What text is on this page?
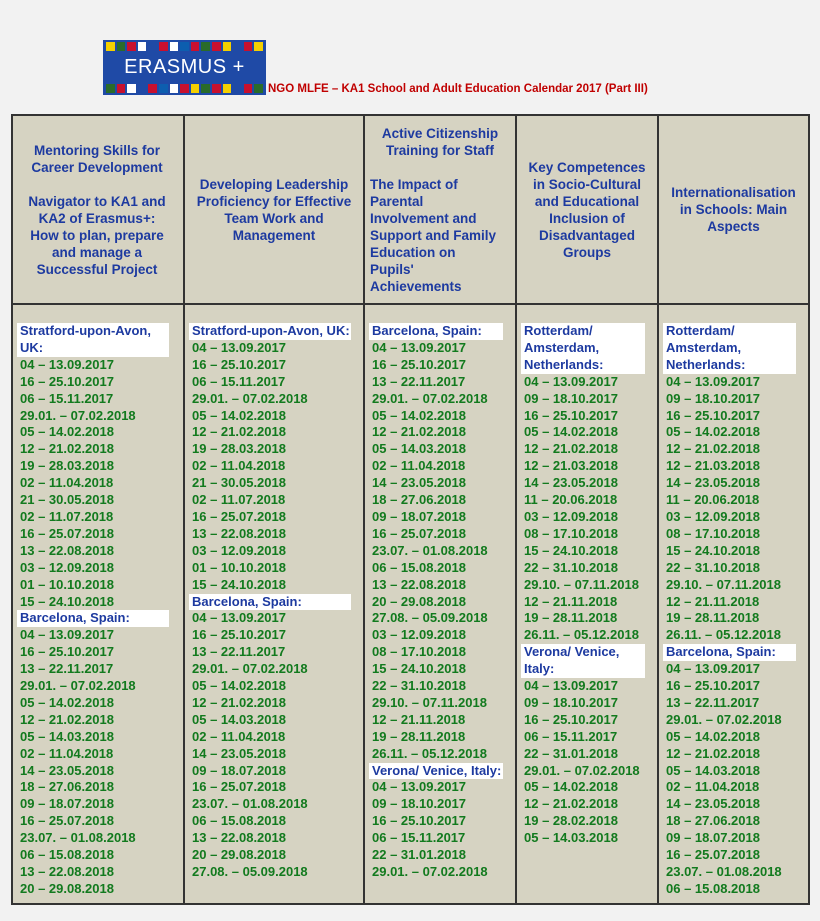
ERASMUS +
NGO MLFE – KA1 School and Adult Education Calendar 2017 (Part III)

Mentoring Skills for Career Development

Navigator to KA1 and KA2 of Erasmus+: How to plan, prepare and manage a Successful Project

Stratford-upon-Avon, UK:
04 – 13.09.2017
16 – 25.10.2017
06 – 15.11.2017
29.01. – 07.02.2018
05 – 14.02.2018
12 – 21.02.2018
19 – 28.03.2018
02 – 11.04.2018
21 – 30.05.2018
02 – 11.07.2018
16 – 25.07.2018
13 – 22.08.2018
03 – 12.09.2018
01 – 10.10.2018
15 – 24.10.2018
Barcelona, Spain:
04 – 13.09.2017
16 – 25.10.2017
13 – 22.11.2017
29.01. – 07.02.2018
05 – 14.02.2018
12 – 21.02.2018
05 – 14.03.2018
02 – 11.04.2018
14 – 23.05.2018
18 – 27.06.2018
09 – 18.07.2018
16 – 25.07.2018
23.07. – 01.08.2018
06 – 15.08.2018
13 – 22.08.2018
20 – 29.08.2018

Developing Leadership Proficiency for Effective Team Work and Management

Stratford-upon-Avon, UK:
04 – 13.09.2017
16 – 25.10.2017
06 – 15.11.2017
29.01. – 07.02.2018
05 – 14.02.2018
12 – 21.02.2018
19 – 28.03.2018
02 – 11.04.2018
21 – 30.05.2018
02 – 11.07.2018
16 – 25.07.2018
13 – 22.08.2018
03 – 12.09.2018
01 – 10.10.2018
15 – 24.10.2018
Barcelona, Spain:
04 – 13.09.2017
16 – 25.10.2017
13 – 22.11.2017
29.01. – 07.02.2018
05 – 14.02.2018
12 – 21.02.2018
05 – 14.03.2018
02 – 11.04.2018
14 – 23.05.2018
09 – 18.07.2018
16 – 25.07.2018
23.07. – 01.08.2018
06 – 15.08.2018
13 – 22.08.2018
20 – 29.08.2018
27.08. – 05.09.2018

Active Citizenship Training for Staff

The Impact of Parental Involvement and Support and Family Education on Pupils' Achievements

Barcelona, Spain:
04 – 13.09.2017
16 – 25.10.2017
13 – 22.11.2017
29.01. – 07.02.2018
05 – 14.02.2018
12 – 21.02.2018
05 – 14.03.2018
02 – 11.04.2018
14 – 23.05.2018
18 – 27.06.2018
09 – 18.07.2018
16 – 25.07.2018
23.07. – 01.08.2018
06 – 15.08.2018
13 – 22.08.2018
20 – 29.08.2018
27.08. – 05.09.2018
03 – 12.09.2018
08 – 17.10.2018
15 – 24.10.2018
22 – 31.10.2018
29.10. – 07.11.2018
12 – 21.11.2018
19 – 28.11.2018
26.11. – 05.12.2018
Verona/ Venice, Italy:
04 – 13.09.2017
09 – 18.10.2017
16 – 25.10.2017
06 – 15.11.2017
22 – 31.01.2018
29.01. – 07.02.2018

Key Competences in Socio-Cultural and Educational Inclusion of Disadvantaged Groups

Rotterdam/ Amsterdam, Netherlands:
04 – 13.09.2017
09 – 18.10.2017
16 – 25.10.2017
05 – 14.02.2018
12 – 21.02.2018
12 – 21.03.2018
14 – 23.05.2018
11 – 20.06.2018
03 – 12.09.2018
08 – 17.10.2018
15 – 24.10.2018
22 – 31.10.2018
29.10. – 07.11.2018
12 – 21.11.2018
19 – 28.11.2018
26.11. – 05.12.2018
Verona/ Venice, Italy:
04 – 13.09.2017
09 – 18.10.2017
16 – 25.10.2017
06 – 15.11.2017
22 – 31.01.2018
29.01. – 07.02.2018
05 – 14.02.2018
12 – 21.02.2018
19 – 28.02.2018
05 – 14.03.2018

Internationalisation in Schools: Main Aspects

Rotterdam/ Amsterdam, Netherlands:
04 – 13.09.2017
09 – 18.10.2017
16 – 25.10.2017
05 – 14.02.2018
12 – 21.02.2018
12 – 21.03.2018
14 – 23.05.2018
11 – 20.06.2018
03 – 12.09.2018
08 – 17.10.2018
15 – 24.10.2018
22 – 31.10.2018
29.10. – 07.11.2018
12 – 21.11.2018
19 – 28.11.2018
26.11. – 05.12.2018
Barcelona, Spain:
04 – 13.09.2017
16 – 25.10.2017
13 – 22.11.2017
29.01. – 07.02.2018
05 – 14.02.2018
12 – 21.02.2018
05 – 14.03.2018
02 – 11.04.2018
14 – 23.05.2018
18 – 27.06.2018
09 – 18.07.2018
16 – 25.07.2018
23.07. – 01.08.2018
06 – 15.08.2018
